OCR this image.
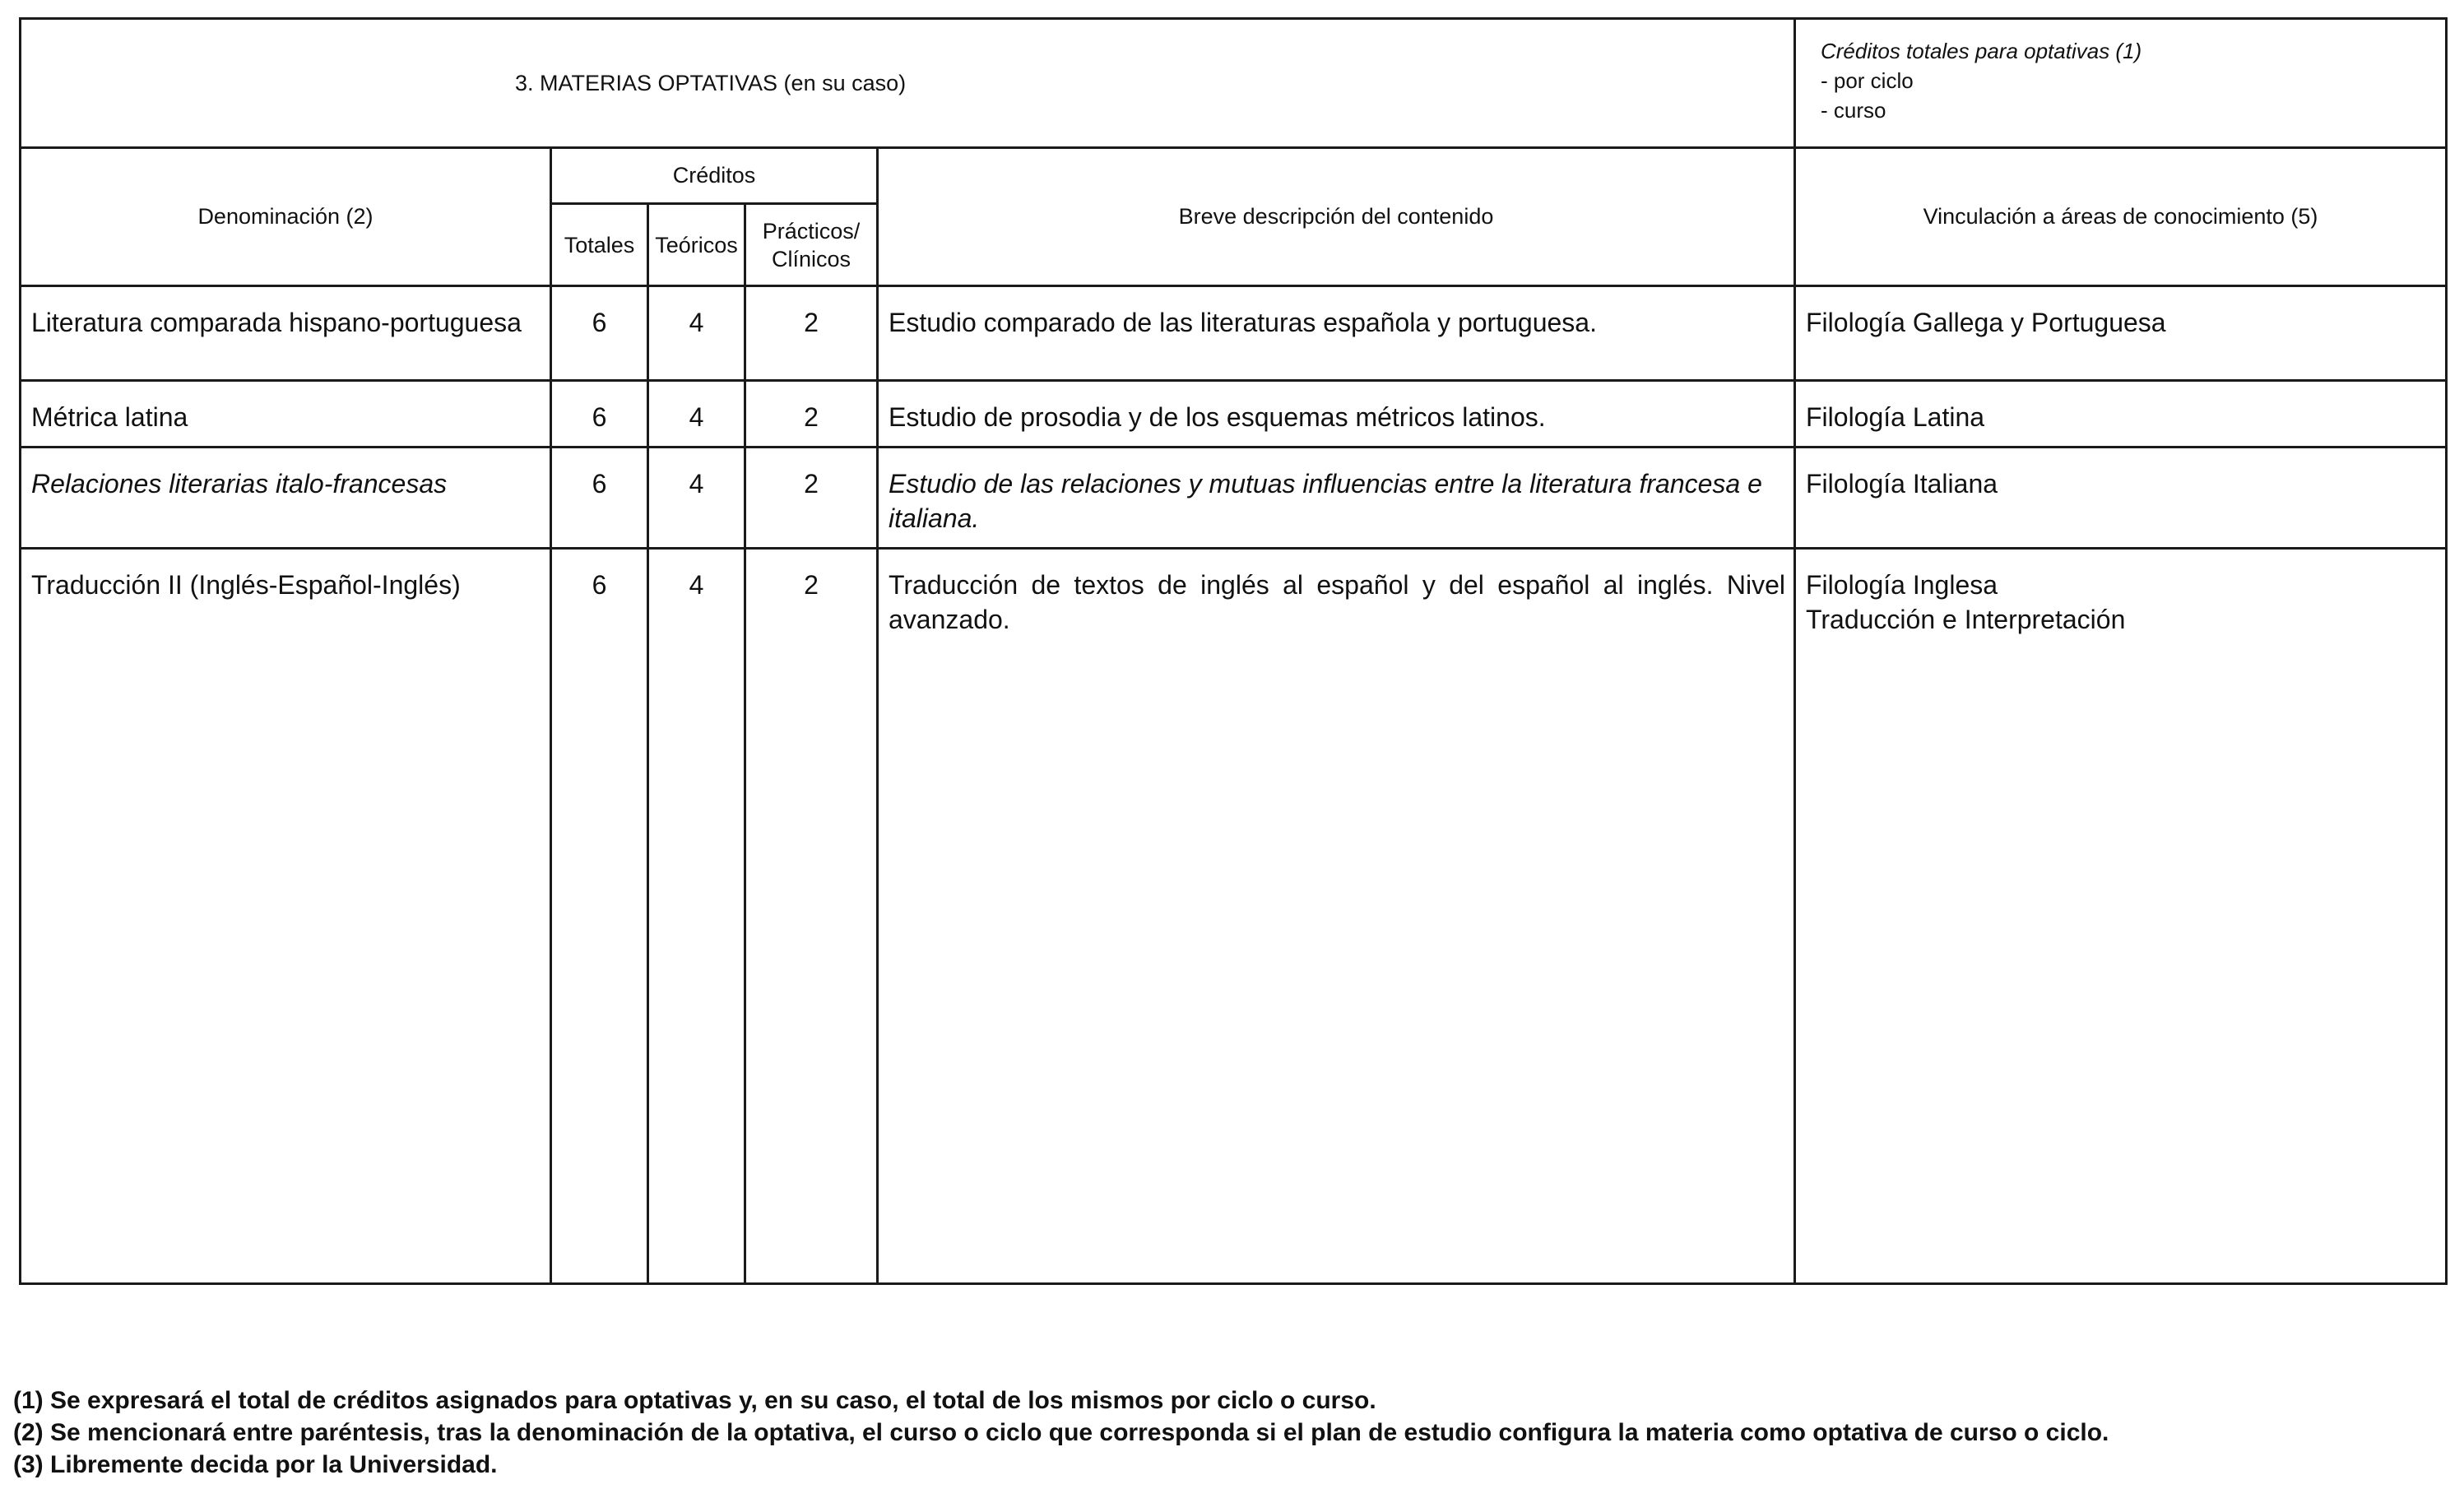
3. MATERIAS OPTATIVAS (en su caso)					Créditos totales para optativas (1)
- por ciclo
- curso

Denominación (2)	Créditos			Breve descripción del contenido	Vinculación a áreas de conocimiento (5)
	Totales	Teóricos	Prácticos/
Clínicos		

Literatura comparada hispano-portuguesa	6	4	2	Estudio comparado de las literaturas española y portuguesa.	Filología Gallega y Portuguesa

Métrica latina	6	4	2	Estudio de prosodia y de los esquemas métricos latinos.	Filología Latina

Relaciones literarias italo-francesas	6	4	2	Estudio de las relaciones y mutuas influencias entre la literatura francesa e italiana.	Filología Italiana

Traducción II (Inglés-Español-Inglés)	6	4	2	Traducción de textos de inglés al español y del español al inglés. Nivel avanzado.	Filología Inglesa
Traducción e Interpretación
(1) Se expresará el total de créditos asignados para optativas y, en su caso, el total de los mismos por ciclo o curso.
(2) Se mencionará entre paréntesis, tras la denominación de la optativa, el curso o ciclo que corresponda si el plan de estudio configura la materia como optativa de curso o ciclo.
(3) Libremente decida por la Universidad.
